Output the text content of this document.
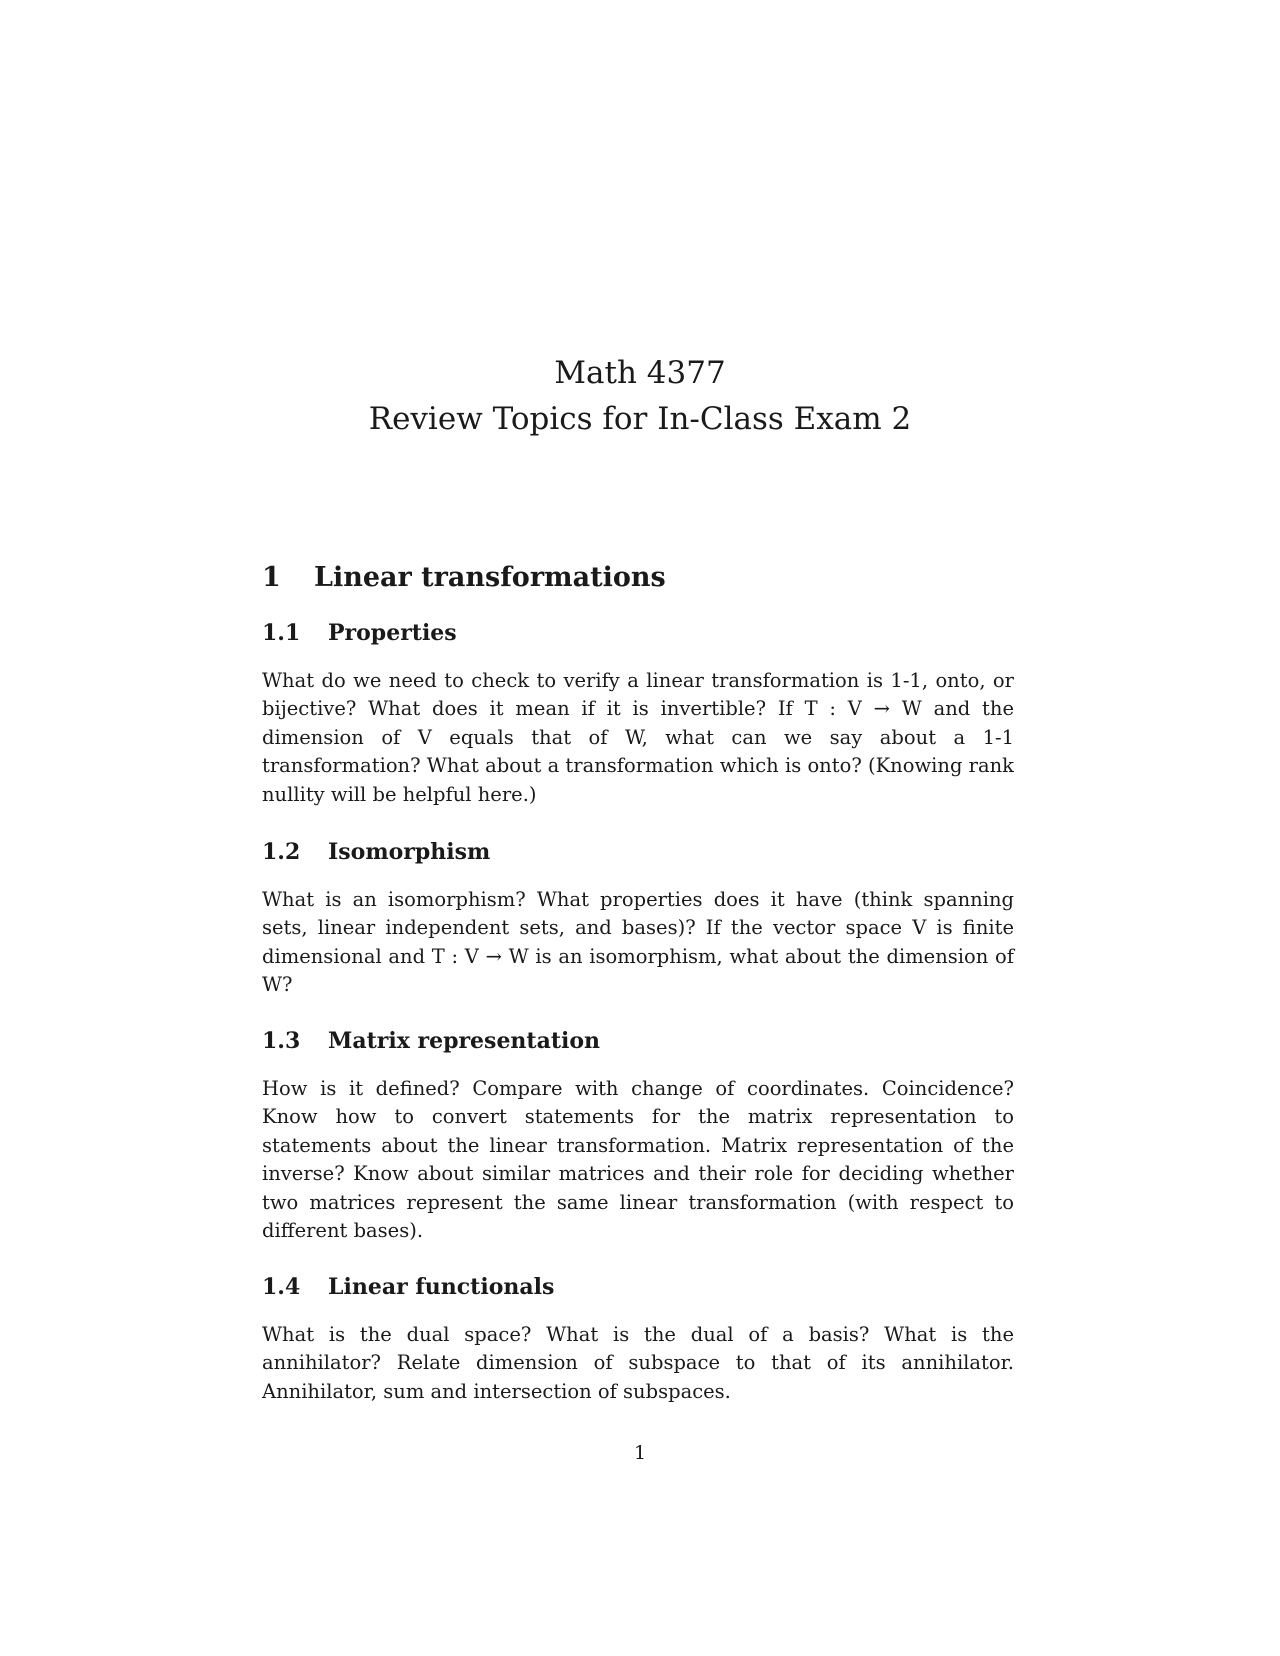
Math 4377

Review Topics for In-Class Exam 2

1 Linear transformations
1.1 Properties

What do we need to check to verify a linear transformation is 1-1, onto, or bijective? What does it mean if it is invertible? If T : V → W and the dimension of V equals that of W, what can we say about a 1-1 transformation? What about a transformation which is onto? (Knowing rank nullity will be helpful here.)

1.2 Isomorphism

What is an isomorphism? What properties does it have (think spanning sets, linear independent sets, and bases)? If the vector space V is finite dimensional and T : V → W is an isomorphism, what about the dimension of W?

1.3 Matrix representation

How is it defined? Compare with change of coordinates. Coincidence? Know how to convert statements for the matrix representation to statements about the linear transformation. Matrix representation of the inverse? Know about similar matrices and their role for deciding whether two matrices represent the same linear transformation (with respect to different bases).

1.4 Linear functionals

What is the dual space? What is the dual of a basis? What is the annihilator? Relate dimension of subspace to that of its annihilator. Annihilator, sum and intersection of subspaces.

1
